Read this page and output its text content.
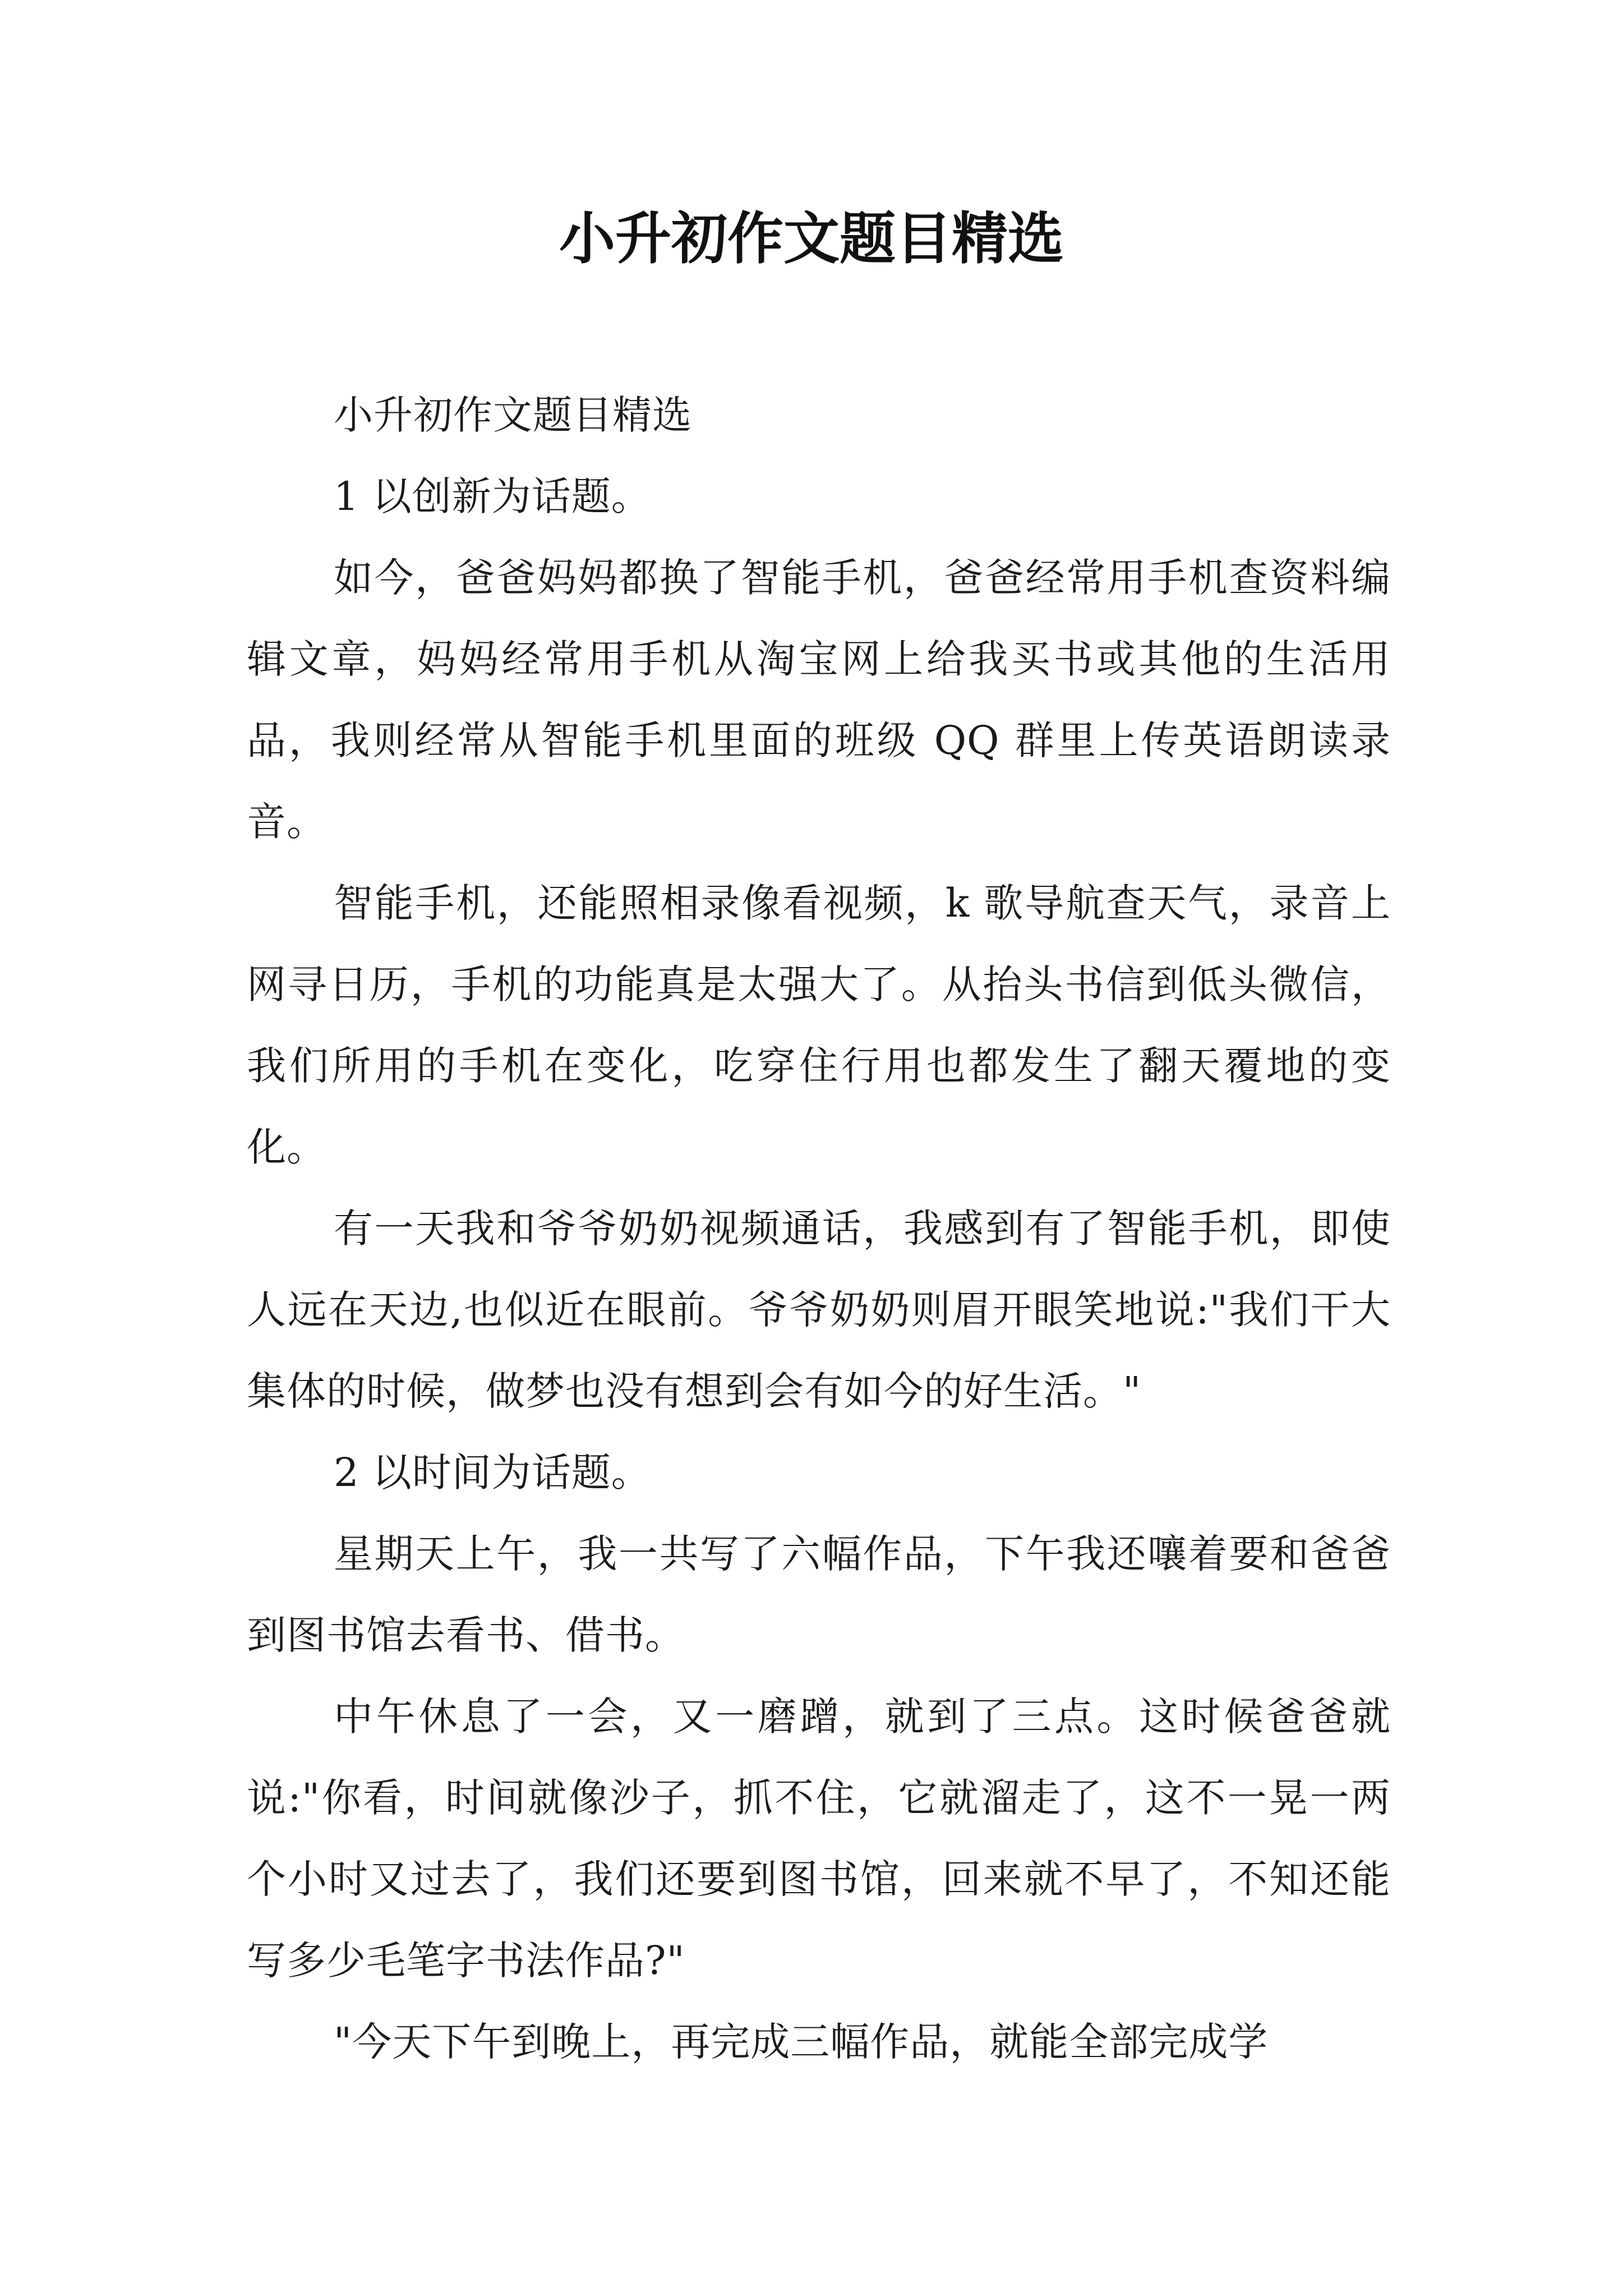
小升初作文题目精选

小升初作文题目精选

1 以创新为话题。

如今，爸爸妈妈都换了智能手机，爸爸经常用手机查资料编辑文章，妈妈经常用手机从淘宝网上给我买书或其他的生活用品，我则经常从智能手机里面的班级 QQ 群里上传英语朗读录音。

智能手机，还能照相录像看视频，k 歌导航查天气，录音上网寻日历，手机的功能真是太强大了。从抬头书信到低头微信，我们所用的手机在变化，吃穿住行用也都发生了翻天覆地的变化。

有一天我和爷爷奶奶视频通话，我感到有了智能手机，即使人远在天边,也似近在眼前。爷爷奶奶则眉开眼笑地说:"我们干大集体的时候，做梦也没有想到会有如今的好生活。"

2 以时间为话题。

星期天上午，我一共写了六幅作品，下午我还嚷着要和爸爸到图书馆去看书、借书。

中午休息了一会，又一磨蹭，就到了三点。这时候爸爸就说:"你看，时间就像沙子，抓不住，它就溜走了，这不一晃一两个小时又过去了，我们还要到图书馆，回来就不早了，不知还能写多少毛笔字书法作品?"

"今天下午到晚上，再完成三幅作品，就能全部完成学
